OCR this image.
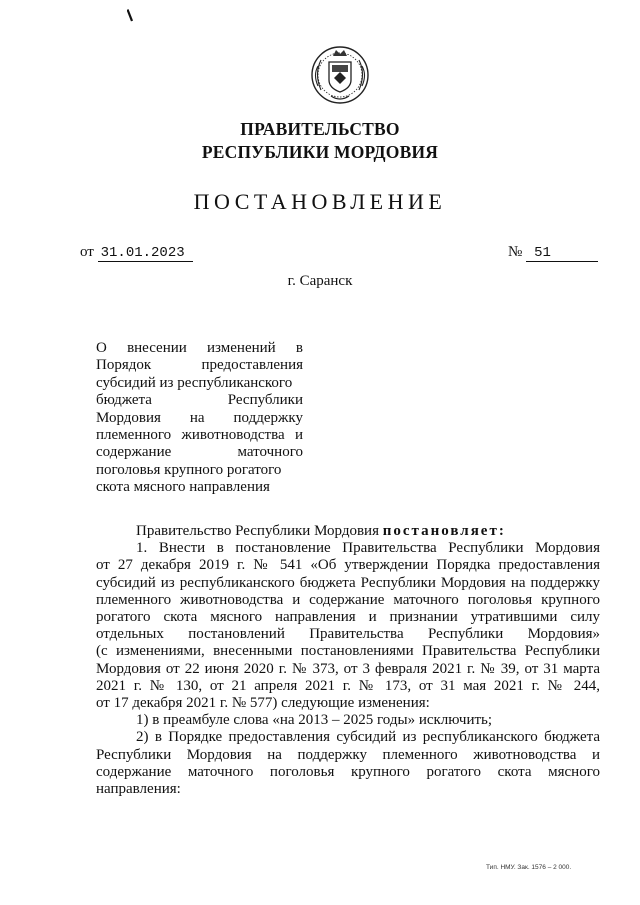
ПРАВИТЕЛЬСТВО
РЕСПУБЛИКИ МОРДОВИЯ
ПОСТАНОВЛЕНИЕ
от 31.01.2023	№ 51
г. Саранск
О внесении изменений в
Порядок предоставления
субсидий из республиканского
бюджета Республики
Мордовия на поддержку
племенного животноводства и
содержание маточного
поголовья крупного рогатого
скота мясного направления
Правительство Республики Мордовия постановляет:
1. Внести в постановление Правительства Республики Мордовия
от 27 декабря 2019 г. № 541 «Об утверждении Порядка предоставления
субсидий из республиканского бюджета Республики Мордовия на поддержку
племенного животноводства и содержание маточного поголовья крупного
рогатого скота мясного направления и признании утратившими силу
отдельных постановлений Правительства Республики Мордовия»
(с изменениями, внесенными постановлениями Правительства Республики
Мордовия от 22 июня 2020 г. № 373, от 3 февраля 2021 г. № 39, от 31 марта
2021 г. № 130, от 21 апреля 2021 г. № 173, от 31 мая 2021 г. № 244,
от 17 декабря 2021 г. № 577) следующие изменения:
1) в преамбуле слова «на 2013 – 2025 годы» исключить;
2) в Порядке предоставления субсидий из республиканского бюджета
Республики Мордовия на поддержку племенного животноводства и
содержание маточного поголовья крупного рогатого скота мясного
направления:
Тип. НМУ. Зак. 1576 – 2 000.
